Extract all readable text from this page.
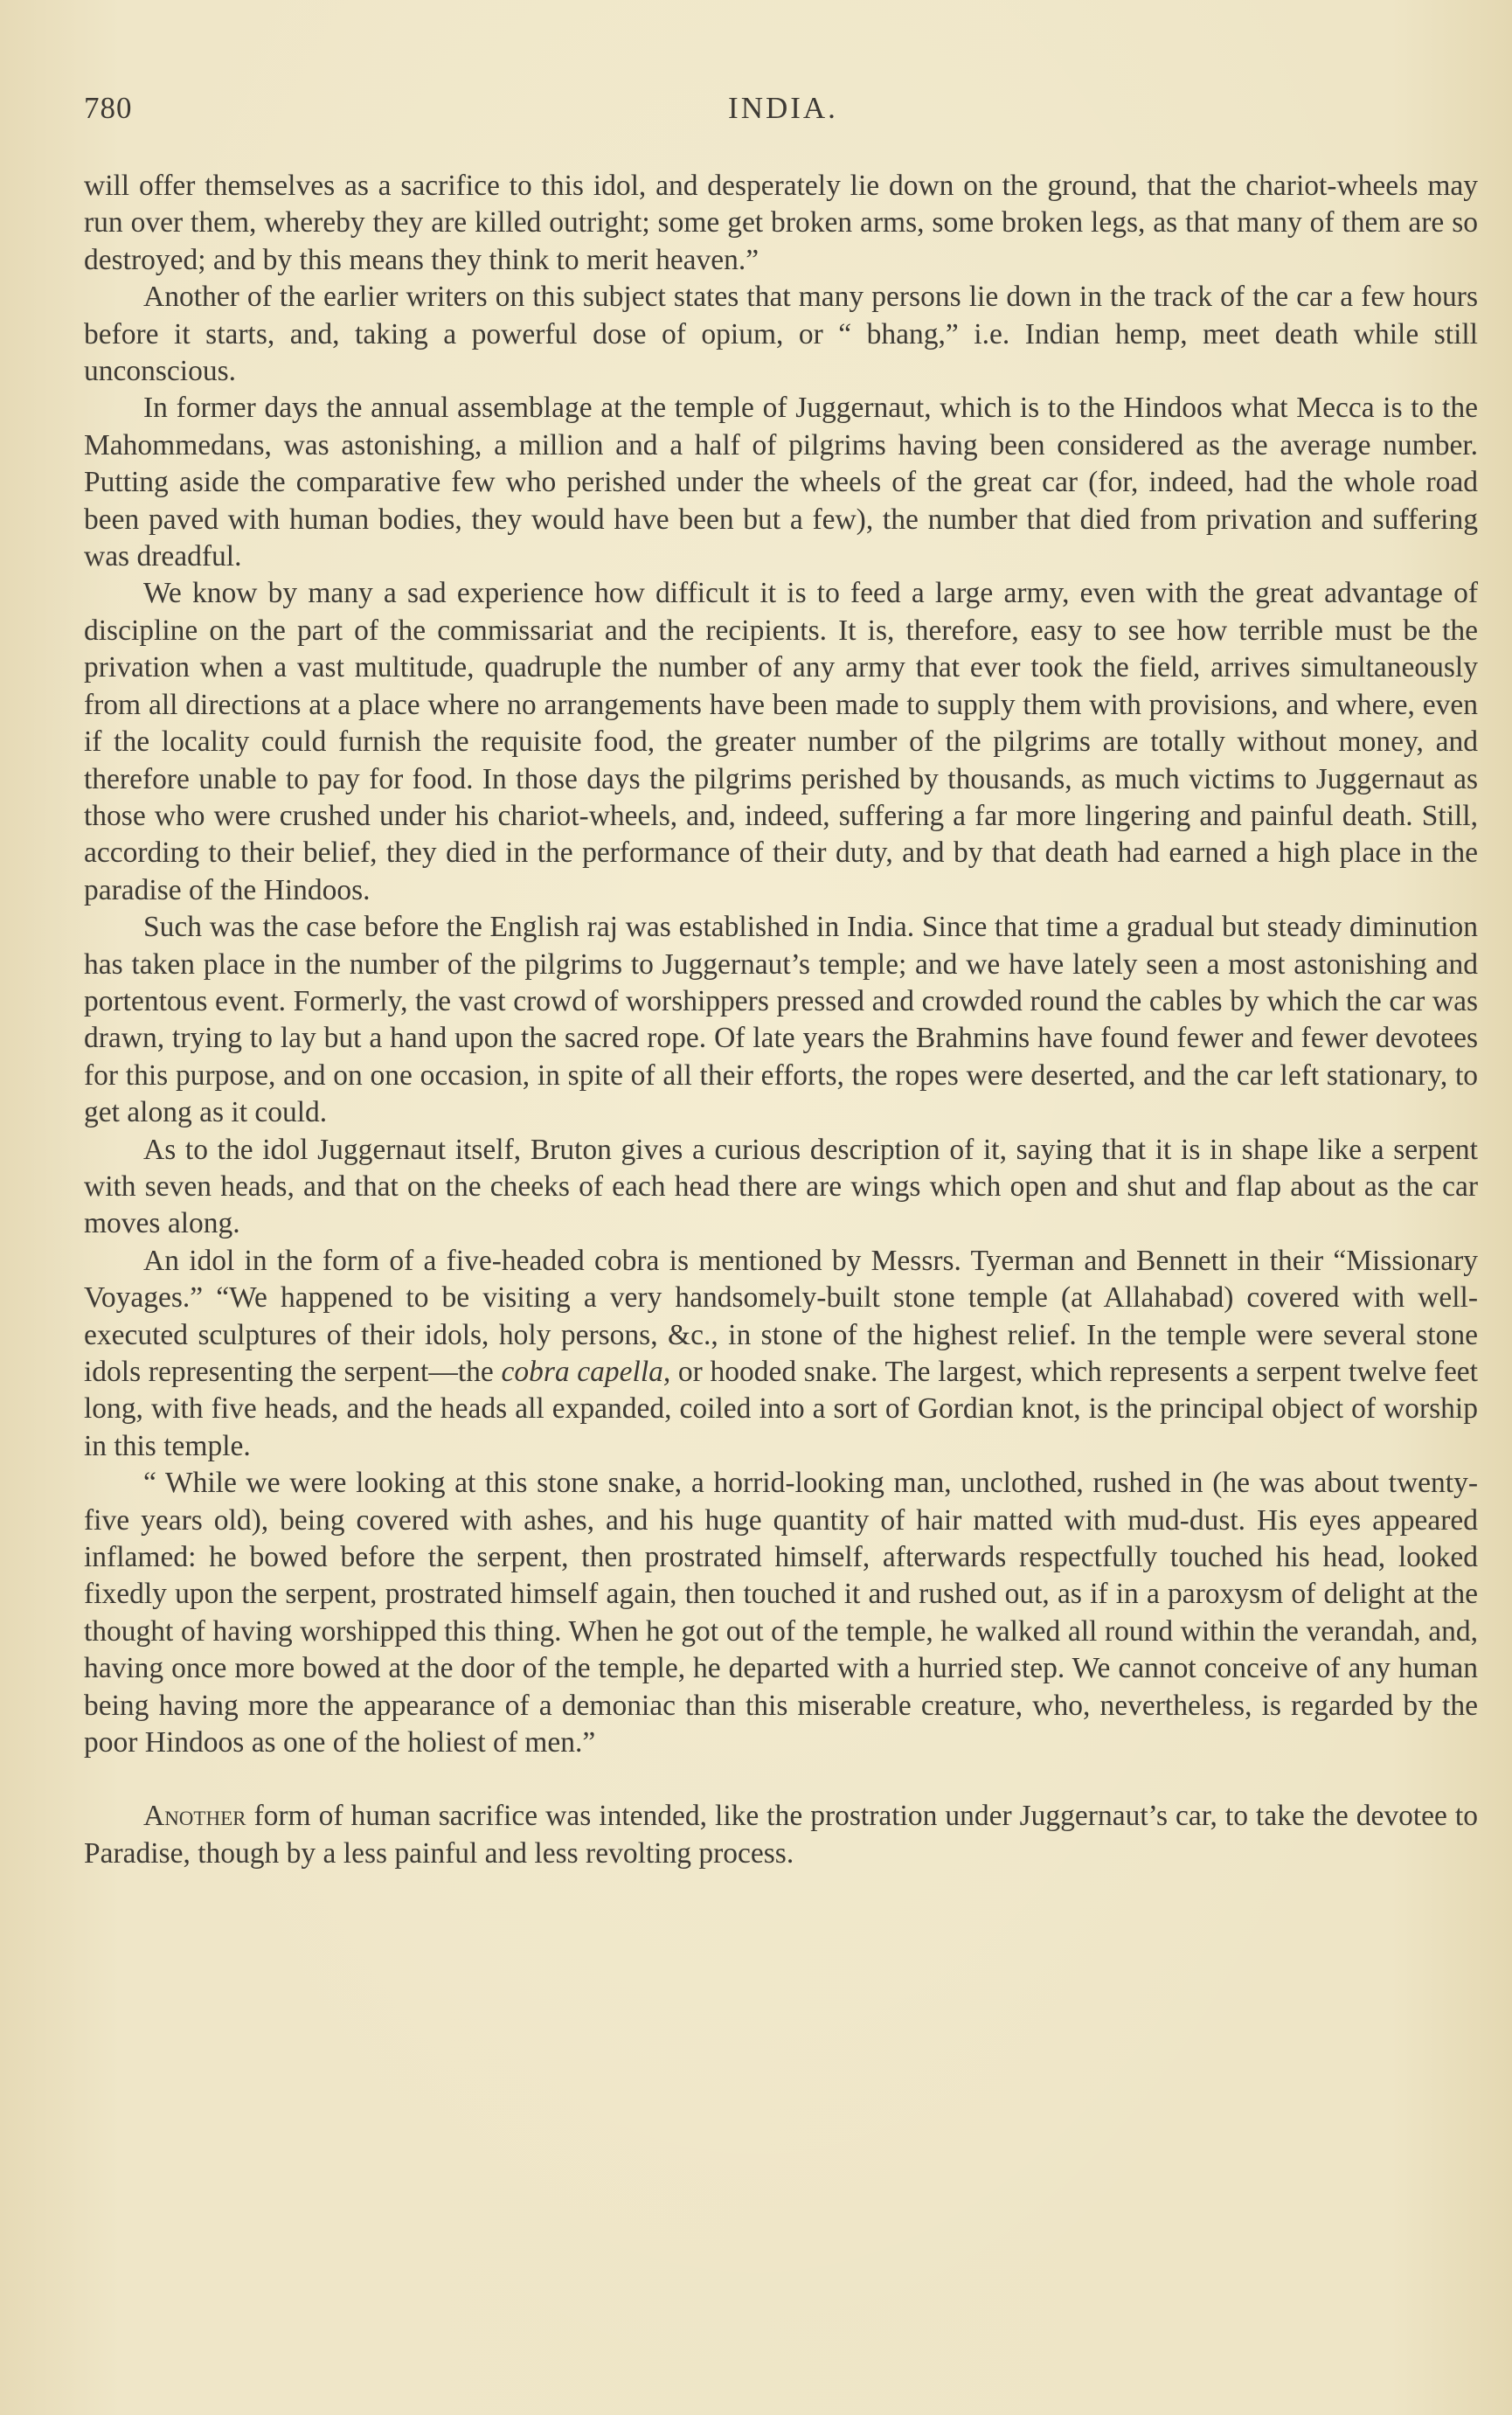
780	INDIA.

will offer themselves as a sacrifice to this idol, and desperately lie down on the ground, that the chariot-wheels may run over them, whereby they are killed outright; some get broken arms, some broken legs, as that many of them are so destroyed; and by this means they think to merit heaven.”

Another of the earlier writers on this subject states that many persons lie down in the track of the car a few hours before it starts, and, taking a powerful dose of opium, or “ bhang,” i.e. Indian hemp, meet death while still unconscious.

In former days the annual assemblage at the temple of Juggernaut, which is to the Hindoos what Mecca is to the Mahommedans, was astonishing, a million and a half of pilgrims having been considered as the average number. Putting aside the comparative few who perished under the wheels of the great car (for, indeed, had the whole road been paved with human bodies, they would have been but a few), the number that died from privation and suffering was dreadful.

We know by many a sad experience how difficult it is to feed a large army, even with the great advantage of discipline on the part of the commissariat and the recipients. It is, therefore, easy to see how terrible must be the privation when a vast multitude, quadruple the number of any army that ever took the field, arrives simultaneously from all directions at a place where no arrangements have been made to supply them with provisions, and where, even if the locality could furnish the requisite food, the greater number of the pilgrims are totally without money, and therefore unable to pay for food. In those days the pilgrims perished by thousands, as much victims to Juggernaut as those who were crushed under his chariot-wheels, and, indeed, suffering a far more lingering and painful death. Still, according to their belief, they died in the performance of their duty, and by that death had earned a high place in the paradise of the Hindoos.

Such was the case before the English raj was established in India. Since that time a gradual but steady diminution has taken place in the number of the pilgrims to Juggernaut’s temple; and we have lately seen a most astonishing and portentous event. Formerly, the vast crowd of worshippers pressed and crowded round the cables by which the car was drawn, trying to lay but a hand upon the sacred rope. Of late years the Brahmins have found fewer and fewer devotees for this purpose, and on one occasion, in spite of all their efforts, the ropes were deserted, and the car left stationary, to get along as it could.

As to the idol Juggernaut itself, Bruton gives a curious description of it, saying that it is in shape like a serpent with seven heads, and that on the cheeks of each head there are wings which open and shut and flap about as the car moves along.

An idol in the form of a five-headed cobra is mentioned by Messrs. Tyerman and Bennett in their “Missionary Voyages.” “We happened to be visiting a very handsomely-built stone temple (at Allahabad) covered with well-executed sculptures of their idols, holy persons, &c., in stone of the highest relief. In the temple were several stone idols representing the serpent—the cobra capella, or hooded snake. The largest, which represents a serpent twelve feet long, with five heads, and the heads all expanded, coiled into a sort of Gordian knot, is the principal object of worship in this temple.

“ While we were looking at this stone snake, a horrid-looking man, unclothed, rushed in (he was about twenty-five years old), being covered with ashes, and his huge quantity of hair matted with mud-dust. His eyes appeared inflamed: he bowed before the serpent, then prostrated himself, afterwards respectfully touched his head, looked fixedly upon the serpent, prostrated himself again, then touched it and rushed out, as if in a paroxysm of delight at the thought of having worshipped this thing. When he got out of the temple, he walked all round within the verandah, and, having once more bowed at the door of the temple, he departed with a hurried step. We cannot conceive of any human being having more the appearance of a demoniac than this miserable creature, who, nevertheless, is regarded by the poor Hindoos as one of the holiest of men.”

Another form of human sacrifice was intended, like the prostration under Juggernaut’s car, to take the devotee to Paradise, though by a less painful and less revolting process.
